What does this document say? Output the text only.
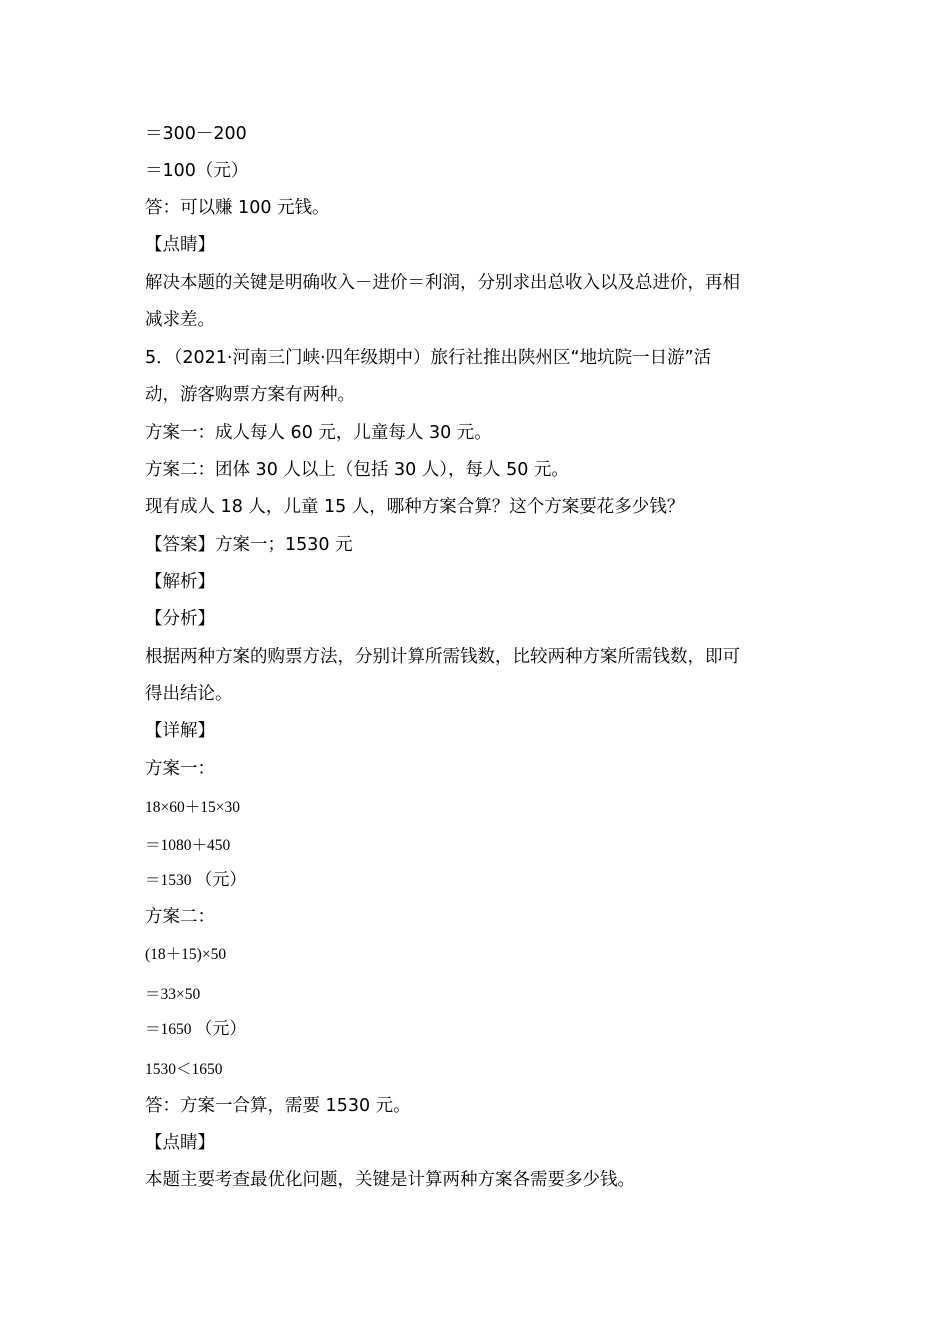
＝300－200
＝100（元）
答：可以赚 100 元钱。
【点睛】
解决本题的关键是明确收入－进价＝利润，分别求出总收入以及总进价，再相
减求差。
5．（2021·河南三门峡·四年级期中）旅行社推出陕州区“地坑院一日游”活
动，游客购票方案有两种。
方案一：成人每人 60 元，儿童每人 30 元。
方案二：团体 30 人以上（包括 30 人），每人 50 元。
现有成人 18 人，儿童 15 人，哪种方案合算？这个方案要花多少钱？
【答案】方案一；1530 元
【解析】
【分析】
根据两种方案的购票方法，分别计算所需钱数，比较两种方案所需钱数，即可
得出结论。
【详解】
方案一：
18×60＋15×30
＝1080＋450
＝1530 （元）
方案二：
(18＋15)×50
＝33×50
＝1650 （元）
1530＜1650
答：方案一合算，需要 1530 元。
【点睛】
本题主要考查最优化问题，关键是计算两种方案各需要多少钱。
